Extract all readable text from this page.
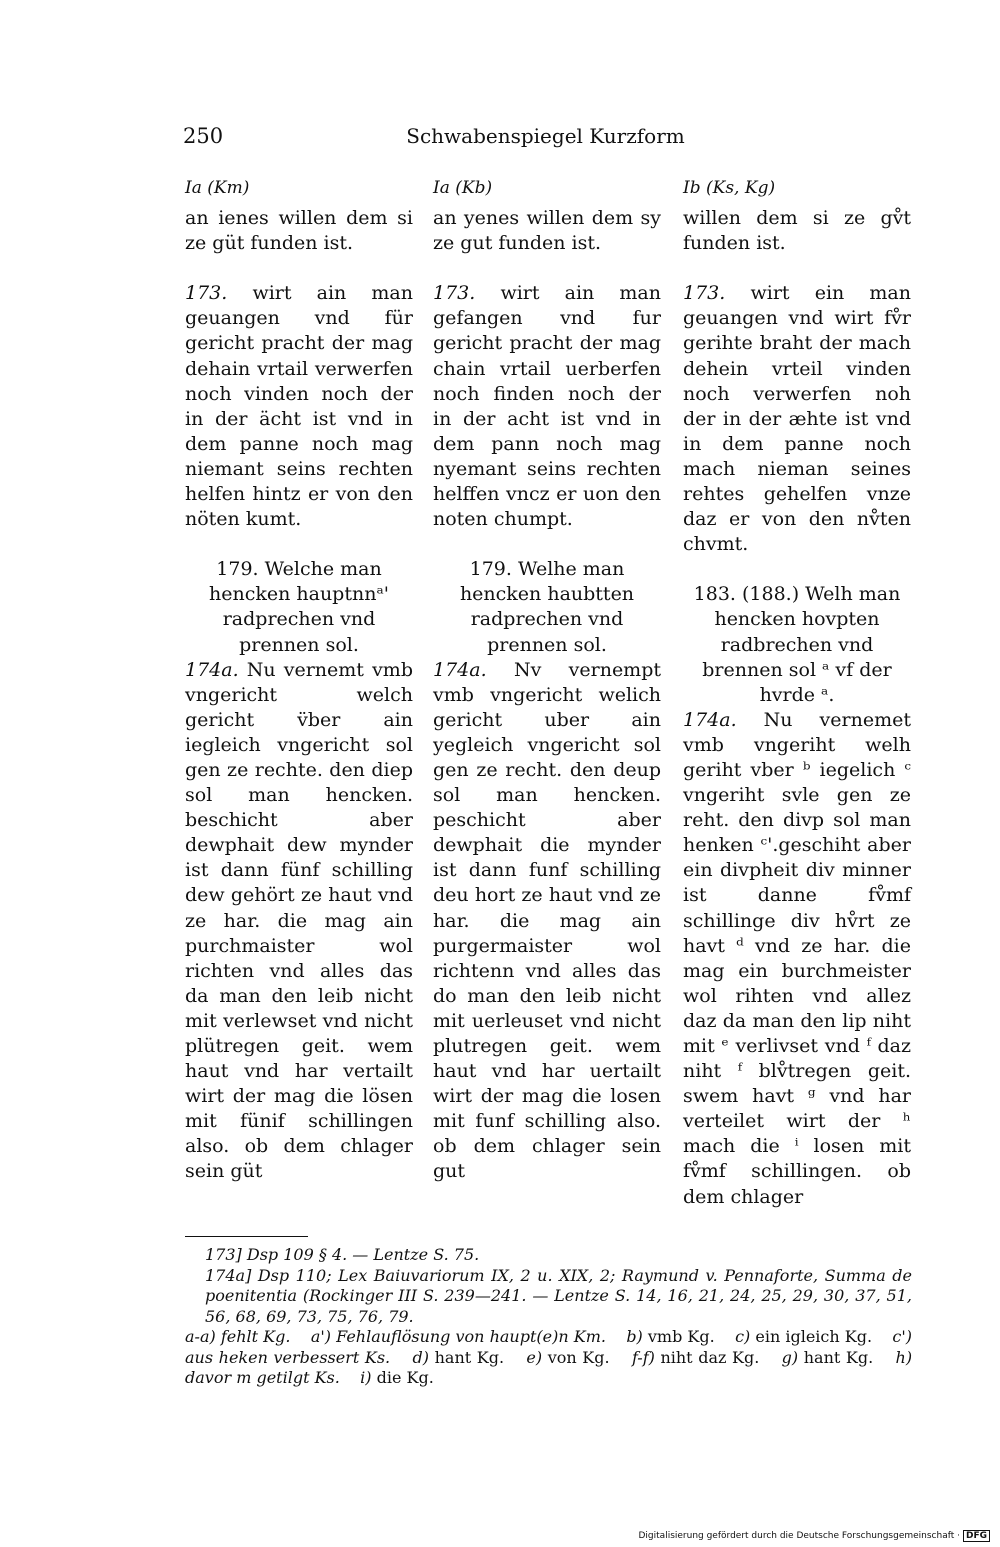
250	Schwabenspiegel Kurzform
Ia (Km)
an ienes willen dem si ze güt funden ist.
173. wirt ain man geuangen vnd für gericht pracht der mag dehain vrtail verwerfen noch vinden noch der in der ächt ist vnd in dem panne noch mag niemant seins rechten helfen hintz er von den nöten kumt.
179. Welche man hencken hauptnnᵃ' radprechen vnd prennen sol.
174a. Nu vernemt vmb vngericht welch gericht v̈ber ain iegleich vngericht sol gen ze rechte. den diep sol man hencken. beschicht aber dewphait dew mynder ist dann fünf schilling dew gehört ze haut vnd ze har. die mag ain purchmaister wol richten vnd alles das da man den leib nicht mit verlewset vnd nicht plütregen geit. wem haut vnd har vertailt wirt der mag die lösen mit fünif schillingen also. ob dem chlager sein güt
Ia (Kb)
an yenes willen dem sy ze gut funden ist.
173. wirt ain man gefangen vnd fur gericht pracht der mag chain vrtail uerberfen noch finden noch der in der acht ist vnd in dem pann noch mag nyemant seins rechten helffen vncz er uon den noten chumpt.
179. Welhe man hencken haubtten radprechen vnd prennen sol.
174a. Nv vernempt vmb vngericht welich gericht uber ain yegleich vngericht sol gen ze recht. den deup sol man hencken. peschicht aber dewphait die mynder ist dann funf schilling deu hort ze haut vnd ze har. die mag ain purgermaister wol richtenn vnd alles das do man den leib nicht mit uerleuset vnd nicht plutregen geit. wem haut vnd har uertailt wirt der mag die losen mit funf schilling also. ob dem chlager sein gut
Ib (Ks, Kg)
willen dem si ze gv̊t funden ist.
173. wirt ein man geuangen vnd wirt fv̊r gerihte braht der mach dehein vrteil vinden noch verwerfen noh der in der æhte ist vnd in dem panne noch mach nieman seines rehtes gehelfen vnze daz er von den nv̊ten chvmt.
183. (188.) Welh man hencken hovpten radbrechen vnd brennen sol ᵃ vf der hvrde ᵃ.
174a. Nu vernemet vmb vngeriht welh geriht vber ᵇ iegelich ᶜ vngeriht svle gen ze reht. den divp sol man henken ᶜ'.geschiht aber ein divpheit div minner ist danne fv̊mf schillinge div hv̊rt ze havt ᵈ vnd ze har. die mag ein burchmeister wol rihten vnd allez daz da man den lip niht mit ᵉ verlivset vnd ᶠ daz niht ᶠ blv̊tregen geit. swem havt ᵍ vnd har verteilet wirt der ʰ mach die ⁱ losen mit fv̊mf schillingen. ob dem chlager
173] Dsp 109 § 4. — Lentze S. 75.
174a] Dsp 110; Lex Baiuvariorum IX, 2 u. XIX, 2; Raymund v. Pennaforte, Summa de poenitentia (Rockinger III S. 239—241. — Lentze S. 14, 16, 21, 24, 25, 29, 30, 37, 51, 56, 68, 69, 73, 75, 76, 79.
a-a) fehlt Kg. a') Fehlauflösung von haupt(e)n Km. b) vmb Kg. c) ein igleich Kg. c') aus heken verbessert Ks. d) hant Kg. e) von Kg. f-f) niht daz Kg. g) hant Kg. h) davor m getilgt Ks. i) die Kg.
Digitalisierung gefördert durch die Deutsche Forschungsgemeinschaft · DFG
